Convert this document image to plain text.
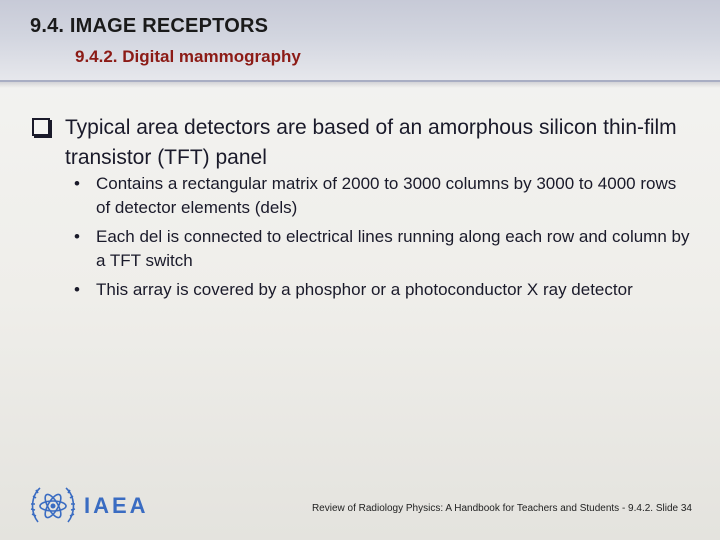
9.4. IMAGE RECEPTORS
9.4.2. Digital mammography
Typical area detectors are based of an amorphous silicon thin-film transistor (TFT) panel
• Contains a rectangular matrix of 2000 to 3000 columns by 3000 to 4000 rows of detector elements (dels)
• Each del is connected to electrical lines running along each row and column by a TFT switch
• This array is covered by a phosphor or a photoconductor X ray detector
IAEA	Review of Radiology Physics: A Handbook for Teachers and Students - 9.4.2. Slide 34
